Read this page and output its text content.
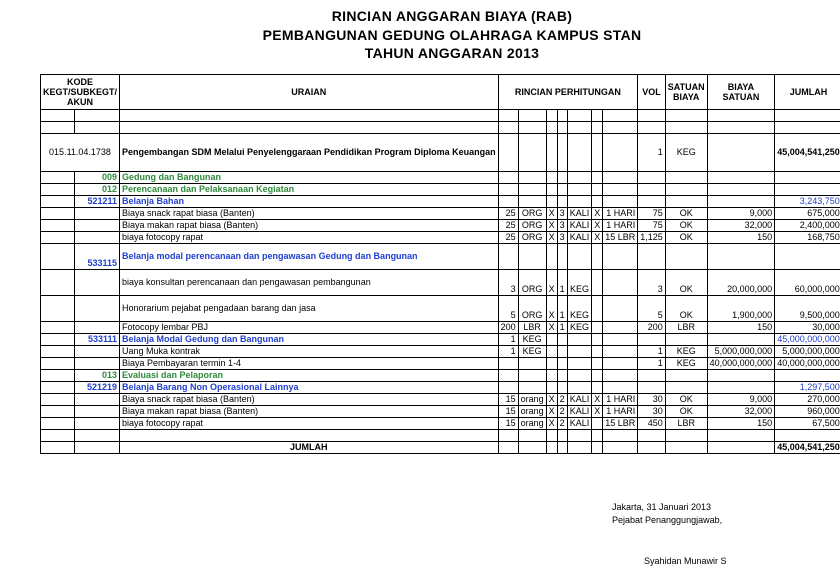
RINCIAN ANGGARAN BIAYA (RAB)
PEMBANGUNAN GEDUNG OLAHRAGA KAMPUS STAN
TAHUN ANGGARAN 2013
KODE KEGT/SUBKEGT/ AKUN		URAIAN	RINCIAN PERHITUNGAN							VOL	SATUAN BIAYA	BIAYA SATUAN	JUMLAH

015.11.04.1738		Pengembangan SDM Melalui Penyelenggaraan Pendidikan Program Diploma Keuangan								1	KEG		45,004,541,250
	009	Gedung dan Bangunan											
	012	Perencanaan dan Pelaksanaan Kegiatan											
	521211	Belanja Bahan											3,243,750
		Biaya snack rapat biasa (Banten)	25	ORG	X	3	KALI	X	1 HARI	75	OK	9,000	675,000
		Biaya makan rapat biasa (Banten)	25	ORG	X	3	KALI	X	1 HARI	75	OK	32,000	2,400,000
		biaya fotocopy rapat	25	ORG	X	3	KALI	X	15 LBR	1,125	OK	150	168,750
	533115	Belanja modal perencanaan dan pengawasan Gedung dan Bangunan											
		biaya konsultan perencanaan dan pengawasan pembangunan	3	ORG	X	1	KEG			3	OK	20,000,000	60,000,000
		Honorarium pejabat pengadaan barang dan jasa	5	ORG	X	1	KEG			5	OK	1,900,000	9,500,000
		Fotocopy lembar PBJ	200	LBR	X	1	KEG			200	LBR	150	30,000
	533111	Belanja Modal Gedung dan Bangunan	1	KEG									45,000,000,000
		Uang Muka kontrak	1	KEG						1	KEG	5,000,000,000	5,000,000,000
		Biaya Pembayaran termin 1-4								1	KEG	40,000,000,000	40,000,000,000
	013	Evaluasi dan Pelaporan											
	521219	Belanja Barang Non Operasional Lainnya											1,297,500
		Biaya snack rapat biasa (Banten)	15	orang	X	2	KALI	X	1 HARI	30	OK	9,000	270,000
		Biaya makan rapat biasa (Banten)	15	orang	X	2	KALI	X	1 HARI	30	OK	32,000	960,000
		biaya fotocopy rapat	15	orang	X	2	KALI		15 LBR	450	LBR	150	67,500

		JUMLAH											45,004,541,250
Jakarta, 31 Januari 2013
Pejabat Penanggungjawab,
Syahidan Munawir S
